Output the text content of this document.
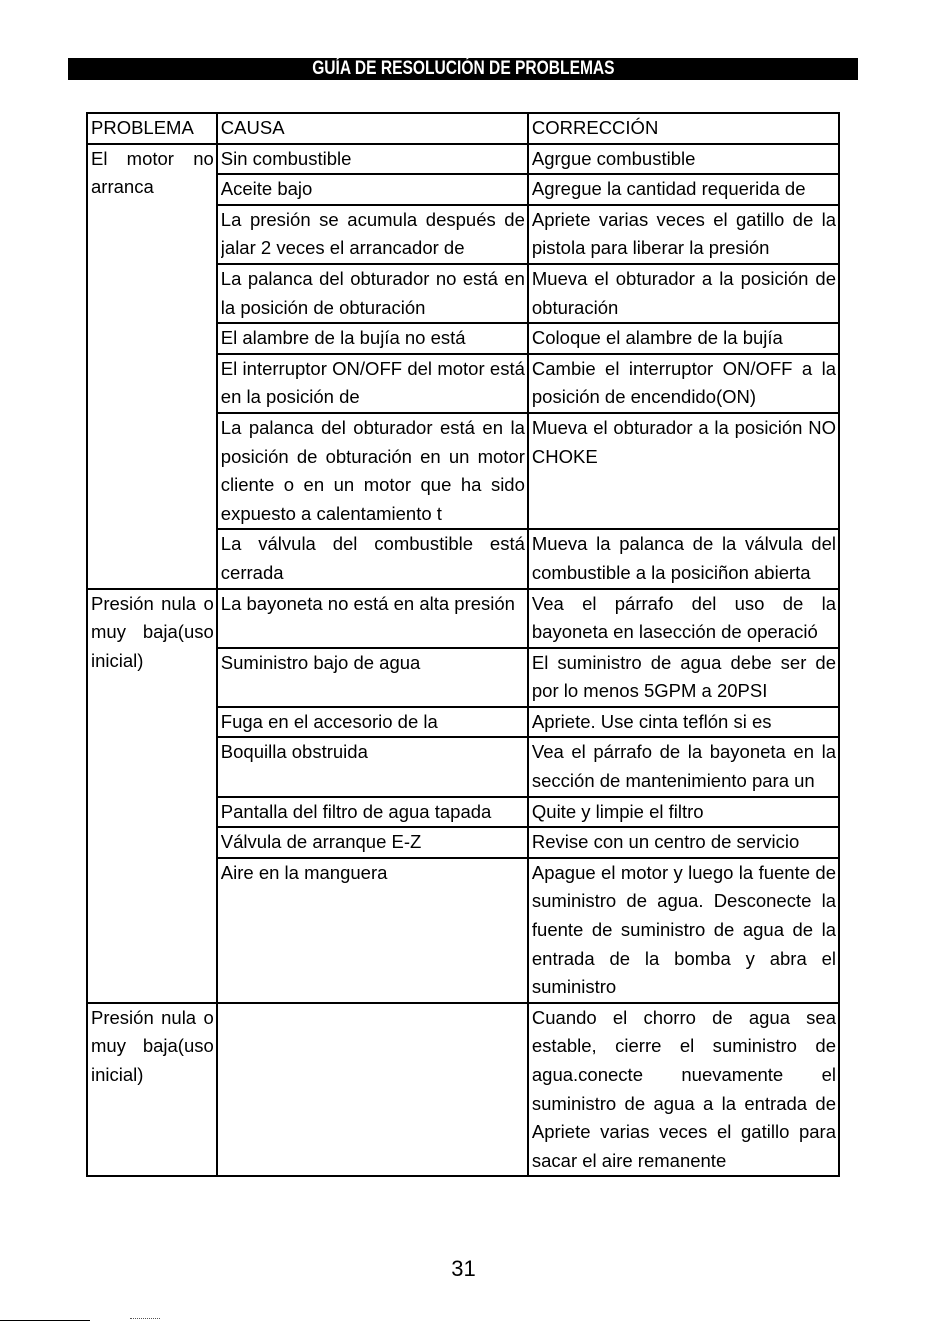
GUÍA DE RESOLUCIÓN DE PROBLEMAS
PROBLEMA	CAUSA	CORRECCIÓN

El motor no arranca	Sin combustible	Agrgue combustible

	Aceite bajo	Agregue la cantidad requerida de

	La presión se acumula después de jalar 2 veces el arrancador de	Apriete varias veces el gatillo de la pistola para liberar la presión

	La palanca del obturador no está en la posición de obturación	Mueva el obturador a la posición de obturación

	El alambre de la bujía no está	Coloque el alambre de la bujía

	El interruptor ON/OFF del motor está en la posición de	Cambie el interruptor ON/OFF a la posición de encendido(ON)

	La palanca del obturador está en la posición de obturación en un motor cliente o en un motor que ha sido expuesto a calentamiento t	Mueva el obturador a la posición NO CHOKE

	La válvula del combustible está cerrada	Mueva la palanca de la válvula del combustible a la posiciñon abierta

Presión nula o muy baja(uso inicial)	La bayoneta no está en alta presión	Vea el párrafo del uso de la bayoneta en lasección de operació

	Suministro bajo de agua	El suministro de agua debe ser de por lo menos 5GPM a 20PSI

	Fuga en el accesorio de la	Apriete. Use cinta teflón si es

	Boquilla obstruida	Vea el párrafo de la bayoneta en la sección de mantenimiento para un

	Pantalla del filtro de agua tapada	Quite y limpie el filtro

	Válvula de arranque E-Z	Revise con un centro de servicio

	Aire en la manguera	Apague el motor y luego la fuente de suministro de agua. Desconecte la fuente de suministro de agua de la entrada de la bomba y abra el suministro

Presión nula o muy baja(uso inicial)		Cuando el chorro de agua sea estable, cierre el suministro de agua.conecte nuevamente el suministro de agua a la entrada de Apriete varias veces el gatillo para sacar el aire remanente
31
